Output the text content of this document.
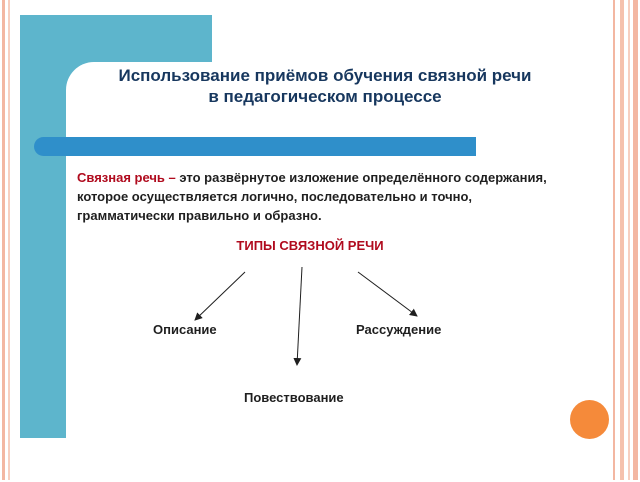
Использование приёмов обучения связной речи
в педагогическом процессе
Связная речь – это развёрнутое изложение определённого содержания, которое осуществляется логично, последовательно и точно, грамматически правильно и образно.
ТИПЫ СВЯЗНОЙ РЕЧИ
Описание	Рассуждение
Повествование
